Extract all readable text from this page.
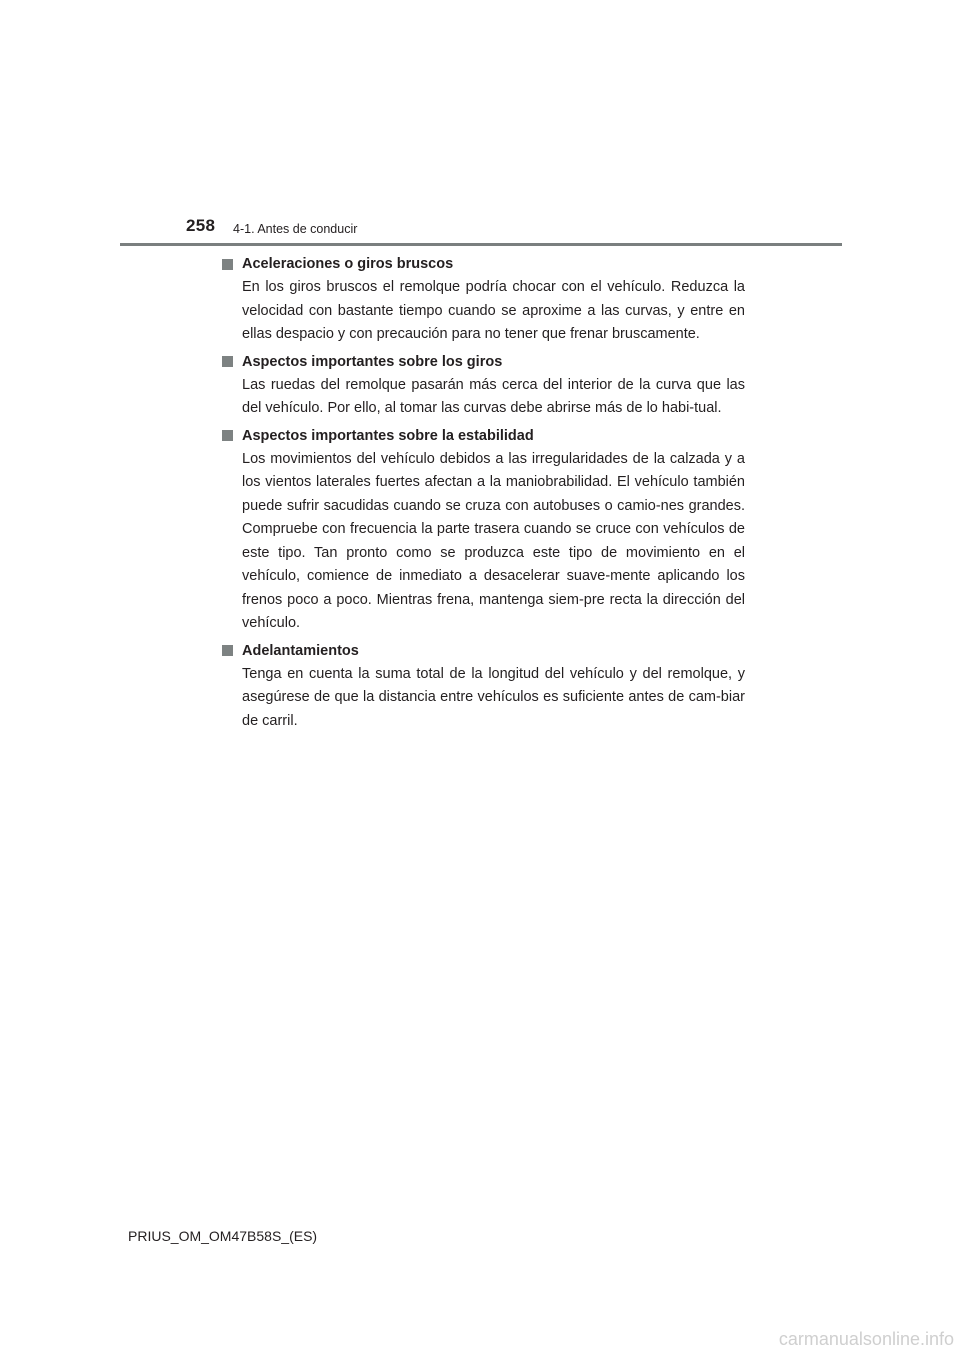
258 4-1. Antes de conducir
Aceleraciones o giros bruscos

En los giros bruscos el remolque podría chocar con el vehículo. Reduzca la velocidad con bastante tiempo cuando se aproxime a las curvas, y entre en ellas despacio y con precaución para no tener que frenar bruscamente.

Aspectos importantes sobre los giros

Las ruedas del remolque pasarán más cerca del interior de la curva que las del vehículo. Por ello, al tomar las curvas debe abrirse más de lo habi-tual.

Aspectos importantes sobre la estabilidad

Los movimientos del vehículo debidos a las irregularidades de la calzada y a los vientos laterales fuertes afectan a la maniobrabilidad. El vehículo también puede sufrir sacudidas cuando se cruza con autobuses o camio-nes grandes. Compruebe con frecuencia la parte trasera cuando se cruce con vehículos de este tipo. Tan pronto como se produzca este tipo de movimiento en el vehículo, comience de inmediato a desacelerar suave-mente aplicando los frenos poco a poco. Mientras frena, mantenga siem-pre recta la dirección del vehículo.

Adelantamientos

Tenga en cuenta la suma total de la longitud del vehículo y del remolque, y asegúrese de que la distancia entre vehículos es suficiente antes de cam-biar de carril.

PRIUS_OM_OM47B58S_(ES)
carmanualsonline.info
